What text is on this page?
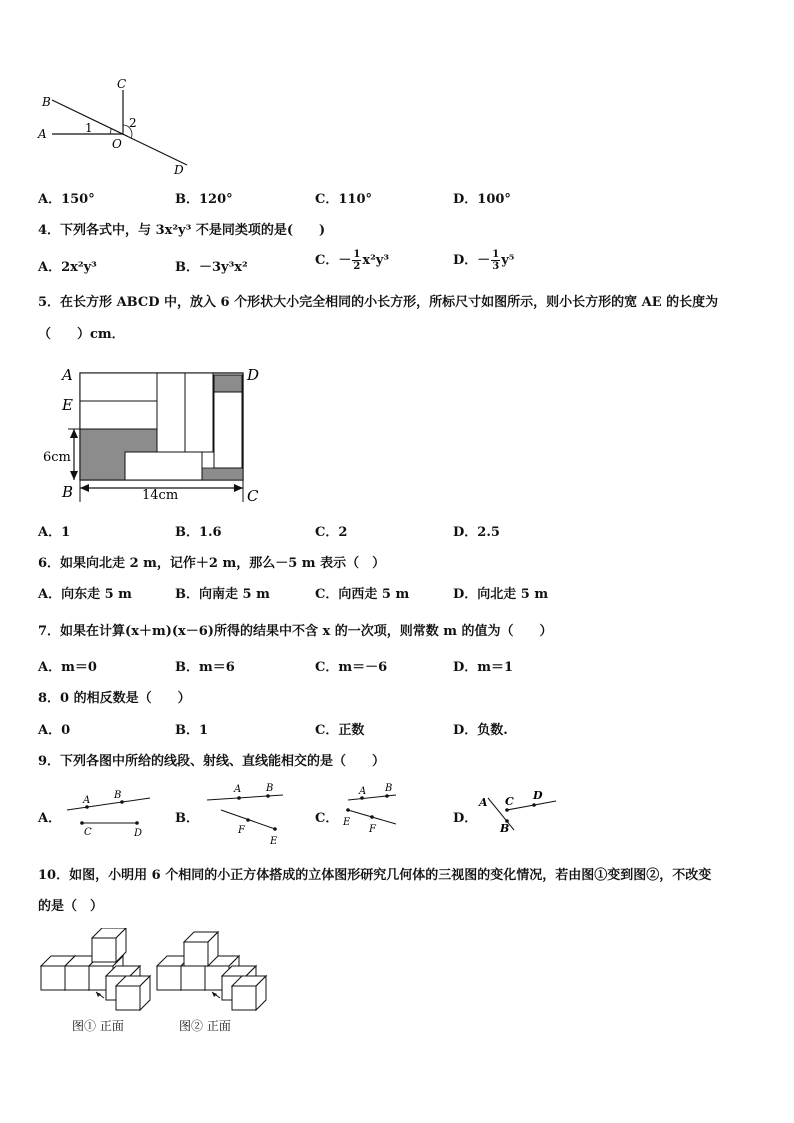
B
C
A	1	2
O
D
A．150°	B．120°	C．110°	D．100°
4．下列各式中，与 3x²y³ 不是同类项的是(　　)
A．2x²y³	B．－3y³x²	C．－ $\frac{1}{2} x^2y^3$	D．－ $\frac{1}{3} y^5$
5．在长方形 ABCD 中，放入 6 个形状大小完全相同的小长方形，所标尺寸如图所示，则小长方形的宽 AE 的长度为
（　　）cm．
A	D
E
6cm
B	14cm	C
A．1	B．1.6	C．2	D．2.5
6．如果向北走 2 m，记作＋2 m，那么－5 m 表示（　）
A．向东走 5 m	B．向南走 5 m	C．向西走 5 m	D．向北走 5 m
7．如果在计算(x＋m)(x－6)所得的结果中不含 x 的一次项，则常数 m 的值为（　　）
A．m＝0	B．m＝6	C．m＝－6	D．m＝1
8．0 的相反数是（　　）
A．0	B．1	C．正数	D．负数.
9．下列各图中所给的线段、射线、直线能相交的是（　　）
A．
A B
C	D
B．
A B
F
E
C．
A B
E
F
D．
A C D
B
10．如图，小明用 6 个相同的小正方体搭成的立体图形研究几何体的三视图的变化情况，若由图①变到图②，不改变
的是（　）
图① 正面	图② 正面
